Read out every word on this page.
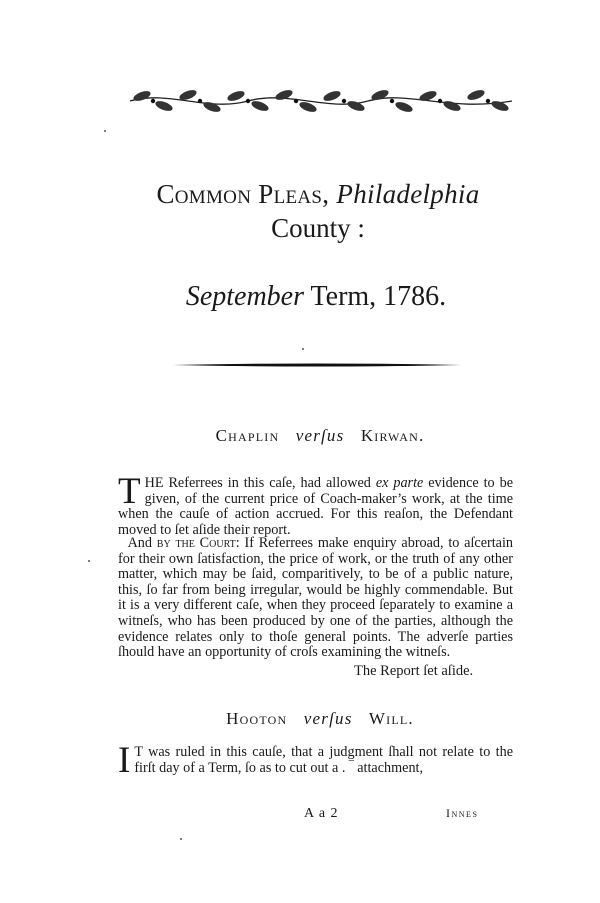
Common Pleas, Philadelphia
County :
September Term, 1786.
Chaplin verſus Kirwan.
THE Referrees in this caſe, had allowed ex parte evidence to be given, of the current price of Coach-maker’s work, at the time when the cauſe of action accrued. For this reaſon, the Defendant moved to ſet aſide their report.
And by the Court: If Referrees make enquiry abroad, to aſcertain for their own ſatisfaction, the price of work, or the truth of any other matter, which may be ſaid, comparitively, to be of a public nature, this, ſo far from being irregular, would be highly commendable. But it is a very different caſe, when they proceed ſeparately to examine a witneſs, who has been produced by one of the parties, although the evidence relates only to thoſe general points. The adverſe parties ſhould have an opportunity of croſs examining the witneſs.
The Report ſet aſide.
Hooton verſus Will.
I T was ruled in this cauſe, that a judgment ſhall not relate to the firſt day of a Term, ſo as to cut out a . ‾ attachment,
A a 2	Innes
